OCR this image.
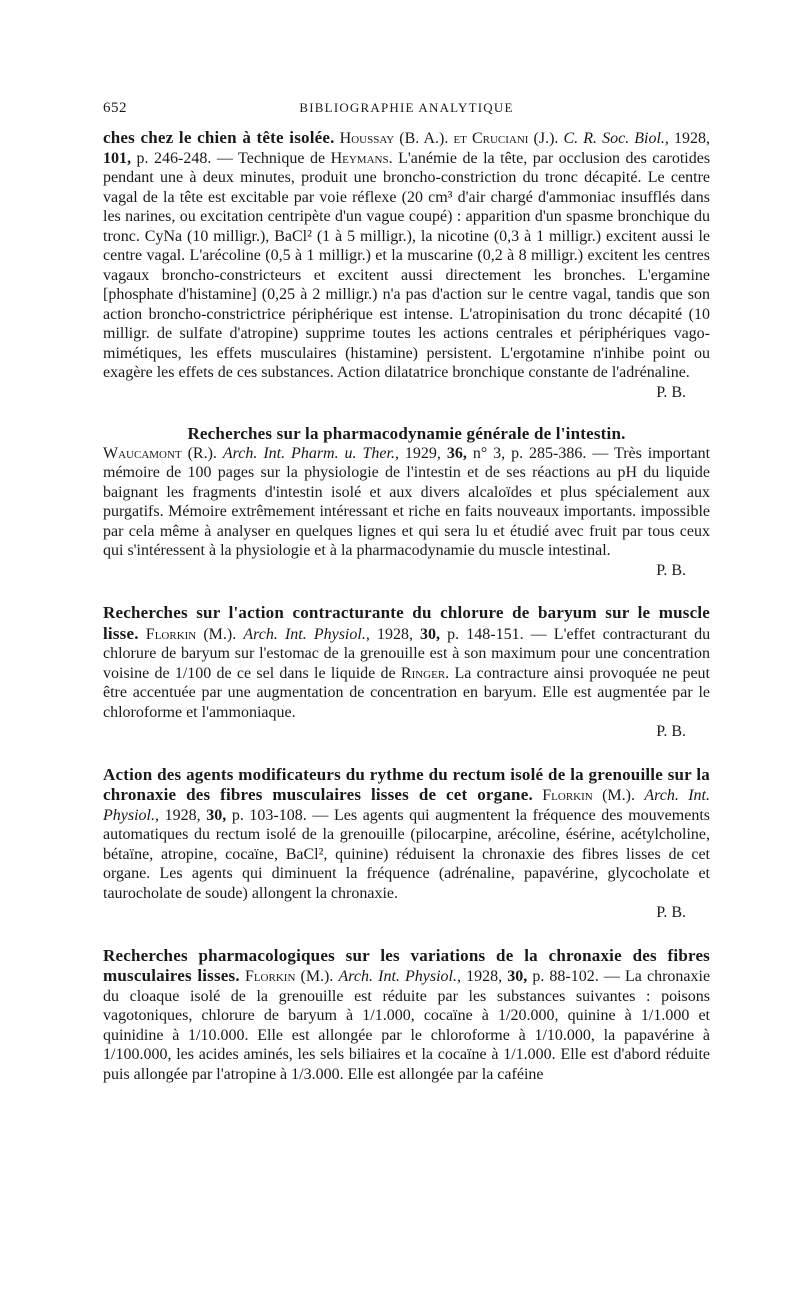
652	BIBLIOGRAPHIE ANALYTIQUE
ches chez le chien à tête isolée. Houssay (B. A.). et Cruciani (J.). C. R. Soc. Biol., 1928, 101, p. 246-248. — Technique de Heymans. L'anémie de la tête, par occlusion des carotides pendant une à deux minutes, produit une broncho-constriction du tronc décapité. Le centre vagal de la tête est excitable par voie réflexe (20 cm³ d'air chargé d'ammoniac insufflés dans les narines, ou excitation centripète d'un vague coupé) : apparition d'un spasme bronchique du tronc. CyNa (10 milligr.), BaCl² (1 à 5 milligr.), la nicotine (0,3 à 1 milligr.) excitent aussi le centre vagal. L'arécoline (0,5 à 1 milligr.) et la muscarine (0,2 à 8 milligr.) excitent les centres vagaux broncho-constricteurs et excitent aussi directement les bronches. L'ergamine [phosphate d'histamine] (0,25 à 2 milligr.) n'a pas d'action sur le centre vagal, tandis que son action broncho-constrictrice périphérique est intense. L'atropinisation du tronc décapité (10 milligr. de sulfate d'atropine) supprime toutes les actions centrales et périphériques vago-mimétiques, les effets musculaires (histamine) persistent. L'ergotamine n'inhibe point ou exagère les effets de ces substances. Action dilatatrice bronchique constante de l'adrénaline.
P. B.
Recherches sur la pharmacodynamie générale de l'intestin.
Waucamont (R.). Arch. Int. Pharm. u. Ther., 1929, 36, n° 3, p. 285-386. — Très important mémoire de 100 pages sur la physiologie de l'intestin et de ses réactions au pH du liquide baignant les fragments d'intestin isolé et aux divers alcaloïdes et plus spécialement aux purgatifs. Mémoire extrêmement intéressant et riche en faits nouveaux importants. impossible par cela même à analyser en quelques lignes et qui sera lu et étudié avec fruit par tous ceux qui s'intéressent à la physiologie et à la pharmacodynamie du muscle intestinal.
P. B.
Recherches sur l'action contracturante du chlorure de baryum sur le muscle lisse. Florkin (M.). Arch. Int. Physiol., 1928, 30, p. 148-151. — L'effet contracturant du chlorure de baryum sur l'estomac de la grenouille est à son maximum pour une concentration voisine de 1/100 de ce sel dans le liquide de Ringer. La contracture ainsi provoquée ne peut être accentuée par une augmentation de concentration en baryum. Elle est augmentée par le chloroforme et l'ammoniaque.
P. B.
Action des agents modificateurs du rythme du rectum isolé de la grenouille sur la chronaxie des fibres musculaires lisses de cet organe. Florkin (M.). Arch. Int. Physiol., 1928, 30, p. 103-108. — Les agents qui augmentent la fréquence des mouvements automatiques du rectum isolé de la grenouille (pilocarpine, arécoline, ésérine, acétylcholine, bétaïne, atropine, cocaïne, BaCl², quinine) réduisent la chronaxie des fibres lisses de cet organe. Les agents qui diminuent la fréquence (adrénaline, papavérine, glycocholate et taurocholate de soude) allongent la chronaxie.
P. B.
Recherches pharmacologiques sur les variations de la chronaxie des fibres musculaires lisses. Florkin (M.). Arch. Int. Physiol., 1928, 30, p. 88-102. — La chronaxie du cloaque isolé de la grenouille est réduite par les substances suivantes : poisons vagotoniques, chlorure de baryum à 1/1.000, cocaïne à 1/20.000, quinine à 1/1.000 et quinidine à 1/10.000. Elle est allongée par le chloroforme à 1/10.000, la papavérine à 1/100.000, les acides aminés, les sels biliaires et la cocaïne à 1/1.000. Elle est d'abord réduite puis allongée par l'atropine à 1/3.000. Elle est allongée par la caféine
